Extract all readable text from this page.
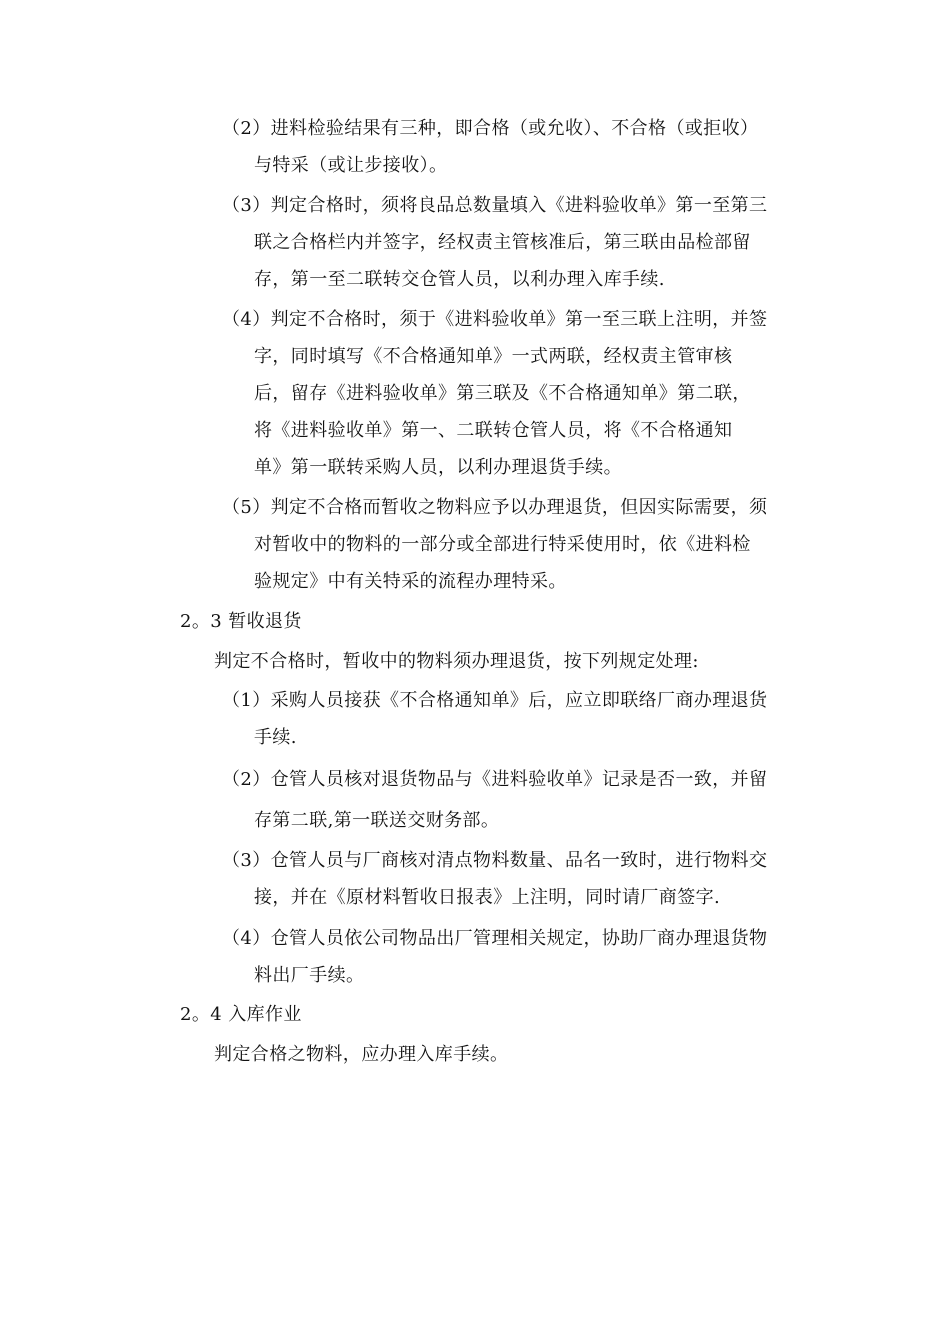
（2）进料检验结果有三种，即合格（或允收）、不合格（或拒收）
与特采（或让步接收）。
（3）判定合格时，须将良品总数量填入《进料验收单》第一至第三
联之合格栏内并签字，经权责主管核准后，第三联由品检部留
存，第一至二联转交仓管人员，以利办理入库手续.
（4）判定不合格时，须于《进料验收单》第一至三联上注明，并签
字，同时填写《不合格通知单》一式两联，经权责主管审核
后，留存《进料验收单》第三联及《不合格通知单》第二联，
将《进料验收单》第一、二联转仓管人员，将《不合格通知
单》第一联转采购人员，以利办理退货手续。
（5）判定不合格而暂收之物料应予以办理退货，但因实际需要，须
对暂收中的物料的一部分或全部进行特采使用时，依《进料检
验规定》中有关特采的流程办理特采。
2。3 暂收退货
判定不合格时，暂收中的物料须办理退货，按下列规定处理:
（1）采购人员接获《不合格通知单》后，应立即联络厂商办理退货
手续.
（2）仓管人员核对退货物品与《进料验收单》记录是否一致，并留
存第二联,第一联送交财务部。
（3）仓管人员与厂商核对清点物料数量、品名一致时，进行物料交
接，并在《原材料暂收日报表》上注明，同时请厂商签字.
（4）仓管人员依公司物品出厂管理相关规定，协助厂商办理退货物
料出厂手续。
2。4 入库作业
判定合格之物料，应办理入库手续。
